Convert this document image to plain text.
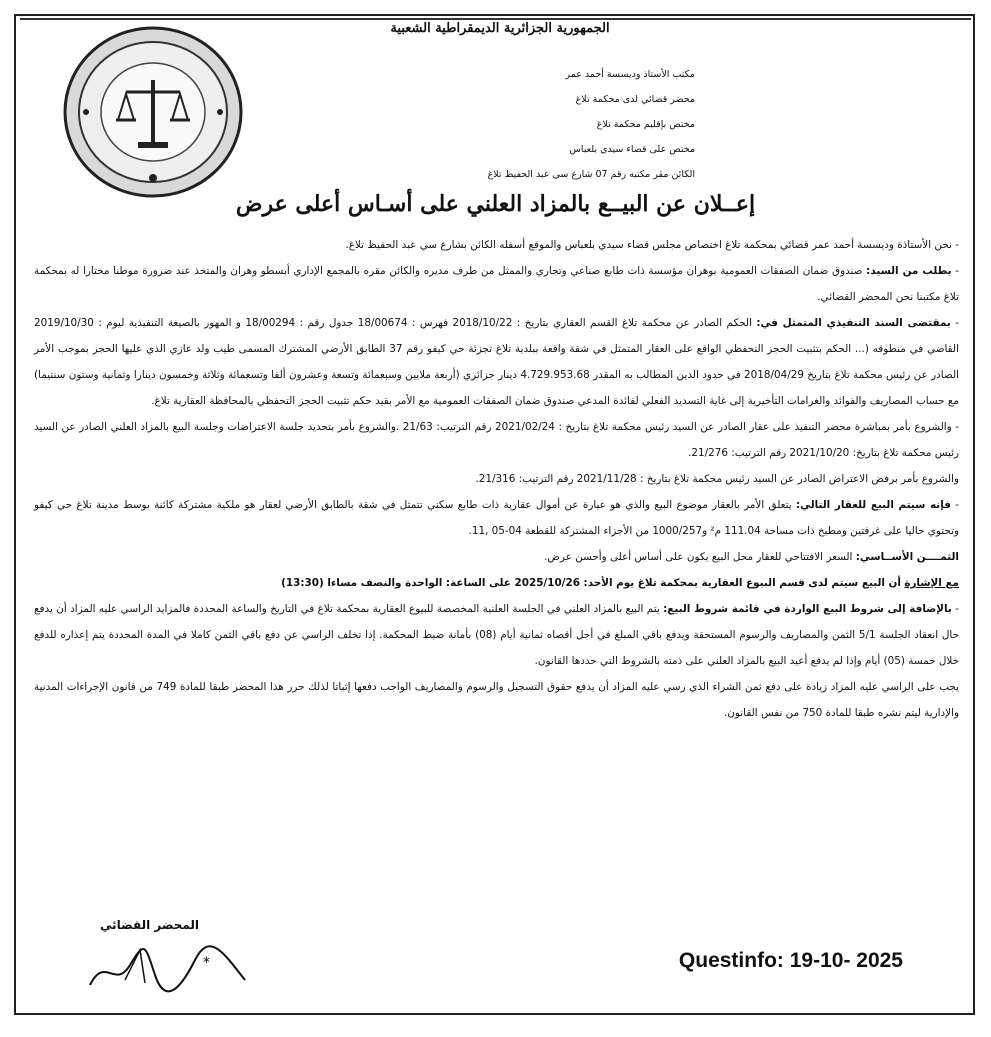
الجمهورية الجزائرية الديمقراطية الشعبية
مكتب الأستاذ وديسسة أحمد عمر
محضر قضائي لدى محكمة تلاغ
مختص بإقليم محكمة تلاغ
مختص على قضاء سيدي بلعباس
الكائن مقر مكتبه رقم 07 شارع سي عبد الحفيظ تلاغ
إعــلان عن البيــع بالمزاد العلني على أسـاس أعلى عرض

- نحن الأستاذة وديسسة أحمد عمر قضائي بمحكمة تلاغ اختصاص مجلس قضاء سيدي بلعباس والموقع أسفله الكائن بشارع سي عبد الحفيظ تلاغ.

- بطلب من السيد: صندوق ضمان الصفقات العمومية بوهران مؤسسة ذات طابع صناعي وتجاري والممثل من طرف مديره والكائن مقره بالمجمع الإداري أبسطو وهران والمتخذ عند ضرورة موطنا مختارا له بمحكمة تلاغ مكتبنا نحن المحضر القضائي.

- بمقتضى السند التنفيذي المتمثل في: الحكم الصادر عن محكمة تلاغ القسم العقاري بتاريخ : 2018/10/22 فهرس : 18/00674 جدول رقم : 18/00294 و المهور بالصيغة التنفيذية ليوم : 2019/10/30 القاضي في منطوقه (... الحكم بتثبيت الحجز التحفظي الواقع على العقار المتمثل في شقة واقعة ببلدية تلاغ تجزئة حي كيفو رقم 37 الطابق الأرضي المشترك المسمى طيب ولد عازي الذي عليها الحجز بموجب الأمر الصادر عن رئيس محكمة تلاغ بتاريخ 2018/04/29 في حدود الدين المطالب به المقدر 4.729.953.68 دينار جزائري (أربعة ملايين وسبعمائة وتسعة وعشرون ألفا وتسعمائة وثلاثة وخمسون دينارا وثمانية وستون سنتيما) مع حساب المصاريف والفوائد والغرامات التأخيرية إلى غاية التسديد الفعلي لفائدة المدعي صندوق ضمان الصفقات العمومية مع الأمر بقيد حكم تثبيت الحجز التحفظي بالمحافظة العقارية تلاغ.

- والشروع بأمر بمباشرة محضر التنفيذ على عقار الصادر عن السيد رئيس محكمة تلاغ بتاريخ : 2021/02/24 رقم الترتيب: 21/63 .والشروع بأمر بتحديد جلسة الاعتراضات وجلسة البيع بالمزاد العلني الصادر عن السيد رئيس محكمة تلاغ بتاريخ: 2021/10/20 رقم الترتيب: 21/276.

والشروع بأمر برفض الاعتراض الصادر عن السيد رئيس محكمة تلاغ بتاريخ : 2021/11/28 رقم الترتيب: 21/316.

- فإنه سيتم البيع للعقار التالي: يتعلق الأمر بالعقار موضوع البيع والذي هو عبارة عن أموال عقارية ذات طابع سكني تتمثل في شقة بالطابق الأرضي لعقار هو ملكية مشتركة كائنة بوسط مدينة تلاغ حي كيفو وتحتوي حاليا على غرفتين ومطبخ ذات مساحة 111.04 م² و1000/257 من الأجزاء المشتركة للقطعة 04-05 ,11.

الثمــــن الأســاسي: السعر الافتتاحي للعقار محل البيع يكون على أساس أعلى وأحسن عرض.

مع الإشارة أن البيع سيتم لدى قسم البيوع العقارية بمحكمة تلاغ يوم الأحد: 2025/10/26 على الساعة: الواحدة والنصف مساءا (13:30)

- بالإضافة إلى شروط البيع الواردة في قائمة شروط البيع: يتم البيع بالمزاد العلني في الجلسة العلنية المخصصة للبيوع العقارية بمحكمة تلاغ في التاريخ والساعة المحددة فالمزايد الراسي عليه المزاد أن يدفع حال انعقاد الجلسة 5/1 الثمن والمصاريف والرسوم المستحقة ويدفع باقي المبلغ في أجل أقصاه ثمانية أيام (08) بأمانة ضبط المحكمة. إذا تخلف الراسي عن دفع باقي الثمن كاملا في المدة المحددة يتم إعذاره للدفع خلال خمسة (05) أيام وإذا لم يدفع أعيد البيع بالمزاد العلني على ذمته بالشروط التي حددها القانون.

يجب على الراسي عليه المزاد زيادة على دفع ثمن الشراء الذي رسي عليه المزاد أن يدفع حقوق التسجيل والرسوم والمصاريف الواجب دفعها إثباتا لذلك حرر هذا المحضر طبقا للمادة 749 من قانون الإجراءات المدنية والإدارية ليتم نشره طبقا للمادة 750 من نفس القانون.

المحضر القضائي
*	Questinfo: 19-10- 2025
